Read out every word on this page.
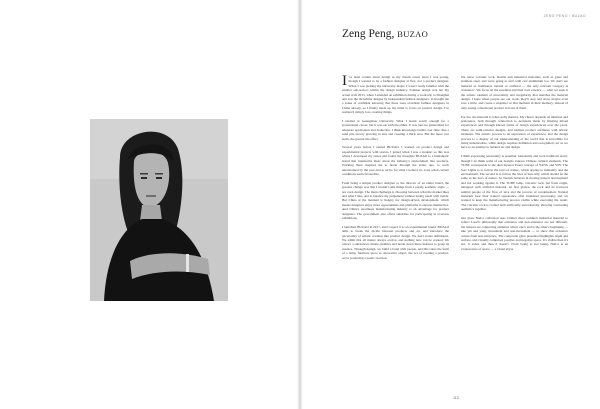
ZENG PENG / BUZAO
Zeng Peng, BUZAO

I 've been certain about design as my dream career since I was young, though I wanted to be a fashion designer at first, not a product designer. When I was picking my university major, I wasn't really familiar with the smaller sub-sectors within the design industry. Fashion design was not my actual craft 2013, when I attended an exhibition during a work trip to Shanghai and saw the incredible designs by independent fashion designers. It brought me a sense of confident knowing that there were excellent fashion designers in China already, so I finally made up my mind to focus on product design. I've realised I simply love creating things.

I studied at Guangzhou University. What I learnt wasn't enough for a professional career, but it was ok with me either. It was just too generalised for adequate application and deduction. I think knowledge builds over time, like a sand pile slowly growing in size and creating a thick area. But the more you learn, the greater the effect.

Several years before I started BUZAO, I worked on product design and experimental projects with stories. I joined when I was a student, so this was where I developed my tastes and found my thoughts: BUZAO is a humanistic brand that transforms ideas about the industry's environment into products. Working there inspired me to break through the status quo, to work unrestrained by the past and to strive for what I believe in, even when current conditions seem favourable.

From being a simple product designer to the director of an entire brand, the greatest change was that I couldn't take things from a purely aesthetic angle — not even design. The main challenge is choosing between what the market likes and what I like, and to balance my judgement without losing touch with trends. But China at the moment is hungry for design-driven development, which means designers enjoy more opportunities and platforms to express themselves. And China's enormous manufacturing industry is an advantage for product designers. The government also offers subsidies for participating in overseas exhibitions.

I launched BUZAO in 2017, and I regard it as an experimental brand. BUZAO aims to break the divide between products and art, and introduce the uncertainty of artistic creation into product design. We don't create definitions. We admit that all matter always evolve, and nothing new can be created. We extract a substance's innate qualities and break down these features to grasp its essence. Through design, we build a bond with people, and this takes the form of a lamp, furniture piece or decorative object, the act of creating a product, we're producing a poetic reaction.

We reuse volcanic rock, marble and industrial materials, such as glass and stainless steel, and we're going to start with cast aluminium too. We don't see material as traditional, natural or artificial — the only relevant category is 'existence'. We focus on the essential and their own essence — what we seek is the artistic element of uncertainty and irregularity that matches the material design. I hope when people see our work, they'll stop and stare, maybe even rave a little, and create a snapshot of that moment in their memory, instead of only seeing a functional product in front of them.

For me, the material is what really matters. My choice depends on intuition and preference, both through connection to decisions made by filtering mixed experiences and through known forms of design experienced over the years. There are semi-rational designs, and endless product attributes with artistic elements. The artistic process is an expression of experience, and the design process is a display of our understanding of the world that is incredible for being unbelievable, while design requires definition and recognition; art as we have to an attempt to balance art and design.

I think expressing personality is essential, nationality and local traditions aren't, though I do think some of our designs express Chinese cultural elements. The TUBE corresponds to the dual-layered Taoist concept of YANG and YIN. The Sort Lights is to follow the laws of nature, which applies to humanity and the environment. The second is to follow the laws of Sun only, which should be the same as the laws of nature. So Taoism believes in moving natural development and not working against it. The TUBE lamp, volcanic rock, but from origin, untapped with artificial material. At first glance, the rock and its fractures remind people of the flow of lava and the process of condensation. Natural materials bear their natural appearance after industrial processing, and we wanted to keep the manufacturing process visible while executing the result. The volcanic rock is crafted both artificially and naturally, showing contrasting aesthetics together.

Our glass NaiLa collection uses China's most common industrial material to reflect Laozi's philosophy that existence and non-existence are not different, but instead are connecting elements where one's end is the other's beginning — like yin and yang, movement and non-movement — to show that existence comes from non-existence. The composite glass presented highlights depth and surface, and visually comprises positive and negative space. It's visible then it's not, it exists and then it doesn't. From being to not being, NaiLa is an evanescence of space — a visual abyss.

113
